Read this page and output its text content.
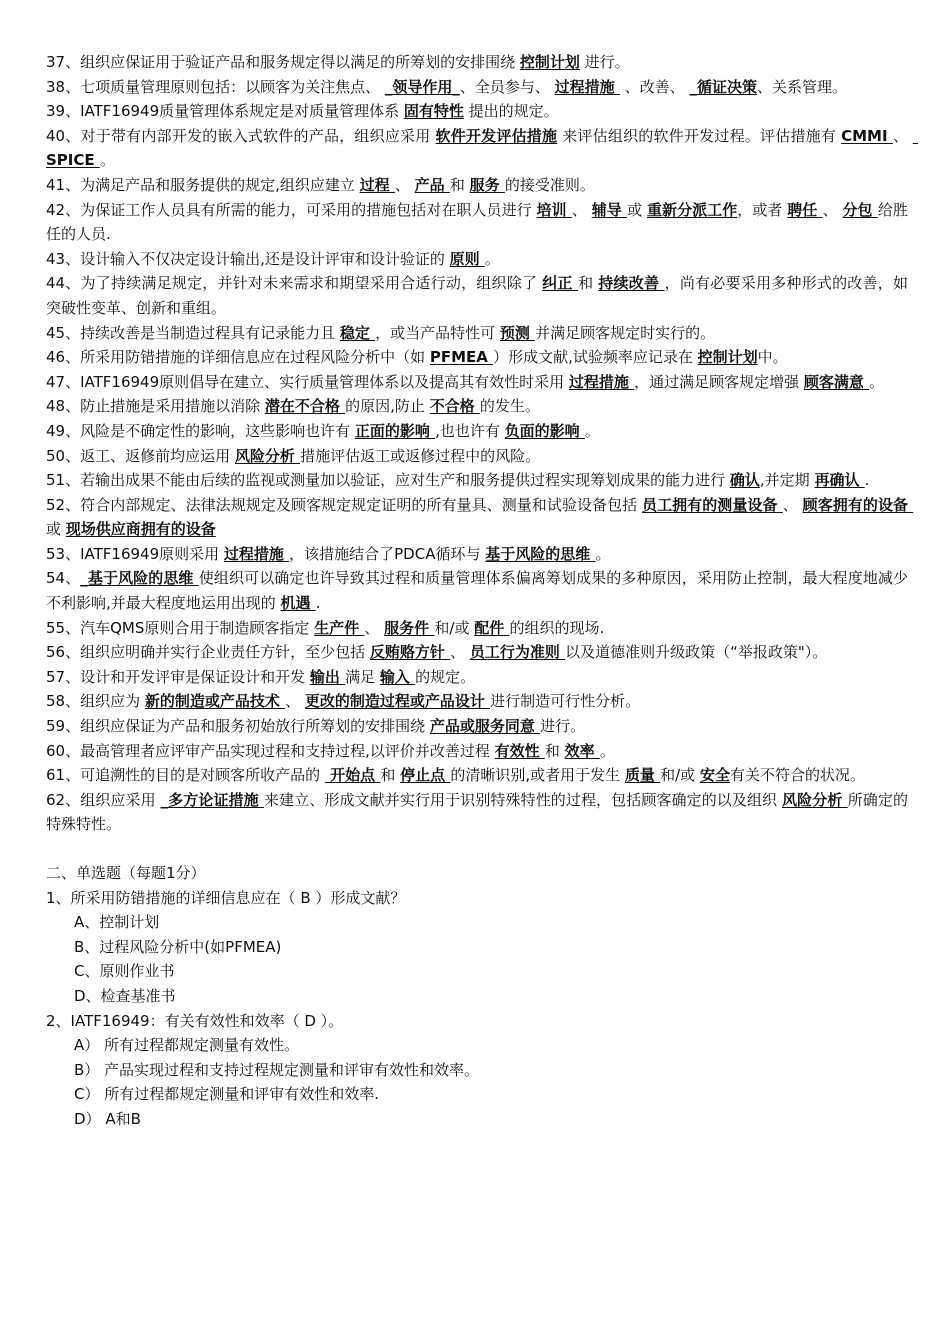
37、组织应保证用于验证产品和服务规定得以满足的所筹划的安排围绕 控制计划 进行。

38、七项质量管理原则包括：以顾客为关注焦点、 _领导作用_、全员参与、 过程措施  、改善、 _循证决策、关系管理。

39、IATF16949质量管理体系规定是对质量管理体系 固有特性 提出的规定。

40、对于带有内部开发的嵌入式软件的产品，组织应采用 软件开发评估措施 来评估组织的软件开发过程。评估措施有 CMMI 、  SPICE 。

41、为满足产品和服务提供的规定,组织应建立 过程 、 产品 和 服务 的接受准则。

42、为保证工作人员具有所需的能力，可采用的措施包括对在职人员进行 培训 、 辅导 或 重新分派工作，或者 聘任 、 分包 给胜任的人员.

43、设计输入不仅决定设计输出,还是设计评审和设计验证的 原则 。

44、为了持续满足规定，并针对未来需求和期望采用合适行动，组织除了 纠正 和 持续改善 ，尚有必要采用多种形式的改善，如突破性变革、创新和重组。

45、持续改善是当制造过程具有记录能力且 稳定 ，或当产品特性可 预测 并满足顾客规定时实行的。

46、所采用防错措施的详细信息应在过程风险分析中（如 PFMEA ）形成文献,试验频率应记录在 控制计划中。

47、IATF16949原则倡导在建立、实行质量管理体系以及提高其有效性时采用 过程措施 ，通过满足顾客规定增强 顾客满意 。

48、防止措施是采用措施以消除 潜在不合格 的原因,防止 不合格 的发生。

49、风险是不确定性的影响，这些影响也许有 正面的影响 ,也也许有 负面的影响 。

50、返工、返修前均应运用 风险分析 措施评估返工或返修过程中的风险。

51、若输出成果不能由后续的监视或测量加以验证，应对生产和服务提供过程实现筹划成果的能力进行 确认,并定期 再确认 .

52、符合内部规定、法律法规规定及顾客规定规定证明的所有量具、测量和试验设备包括 员工拥有的测量设备 、 顾客拥有的设备 或 现场供应商拥有的设备

53、IATF16949原则采用 过程措施 ，该措施结合了PDCA循环与 基于风险的思维 。

54、_基于风险的思维 使组织可以确定也许导致其过程和质量管理体系偏离筹划成果的多种原因，采用防止控制，最大程度地减少不利影响,并最大程度地运用出现的 机遇 .

55、汽车QMS原则合用于制造顾客指定 生产件 、 服务件 和/或 配件 的组织的现场.

56、组织应明确并实行企业责任方针，至少包括 反贿赂方针 、 员工行为准则 以及道德准则升级政策（“举报政策"）。

57、设计和开发评审是保证设计和开发 输出 满足 输入 的规定。

58、组织应为 新的制造或产品技术 、 更改的制造过程或产品设计 进行制造可行性分析。

59、组织应保证为产品和服务初始放行所筹划的安排围绕 产品或服务同意 进行。

60、最高管理者应评审产品实现过程和支持过程,以评价并改善过程 有效性 和 效率 。

61、可追溯性的目的是对顾客所收产品的  开始点 和 停止点 的清晰识别,或者用于发生 质量 和/或 安全有关不符合的状况。

62、组织应采用 _多方论证措施 来建立、形成文献并实行用于识别特殊特性的过程，包括顾客确定的以及组织 风险分析 所确定的特殊特性。

二、单选题（每题1分）

1、所采用防错措施的详细信息应在（ B ）形成文献？

A、控制计划

B、过程风险分析中(如PFMEA)

C、原则作业书

D、检查基准书

2、IATF16949：有关有效性和效率（ D ）。

A） 所有过程都规定测量有效性。

B） 产品实现过程和支持过程规定测量和评审有效性和效率。

C） 所有过程都规定测量和评审有效性和效率.

D） A和B
